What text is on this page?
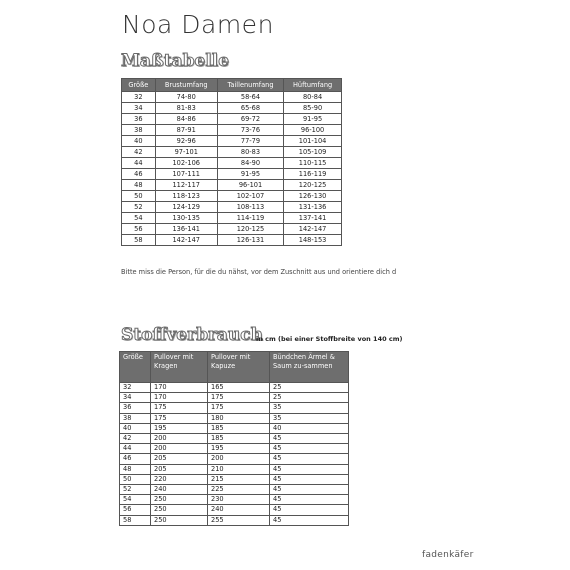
Noa Damen
Maßtabelle
Größe	Brustumfang	Taillenumfang	Hüftumfang
32	74-80	58-64	80-84
34	81-83	65-68	85-90
36	84-86	69-72	91-95
38	87-91	73-76	96-100
40	92-96	77-79	101-104
42	97-101	80-83	105-109
44	102-106	84-90	110-115
46	107-111	91-95	116-119
48	112-117	96-101	120-125
50	118-123	102-107	126-130
52	124-129	108-113	131-136
54	130-135	114-119	137-141
56	136-141	120-125	142-147
58	142-147	126-131	148-153
Bitte miss die Person, für die du nähst, vor dem Zuschnitt aus und orientiere dich d
Stoffverbrauch
in cm (bei einer Stoffbreite von 140 cm)
Größe	Pullover mit Kragen	Pullover mit Kapuze	Bündchen Ärmel & Saum zu-sammen
32	170	165	25
34	170	175	25
36	175	175	35
38	175	180	35
40	195	185	40
42	200	185	45
44	200	195	45
46	205	200	45
48	205	210	45
50	220	215	45
52	240	225	45
54	250	230	45
56	250	240	45
58	250	255	45
fadenkäfer
